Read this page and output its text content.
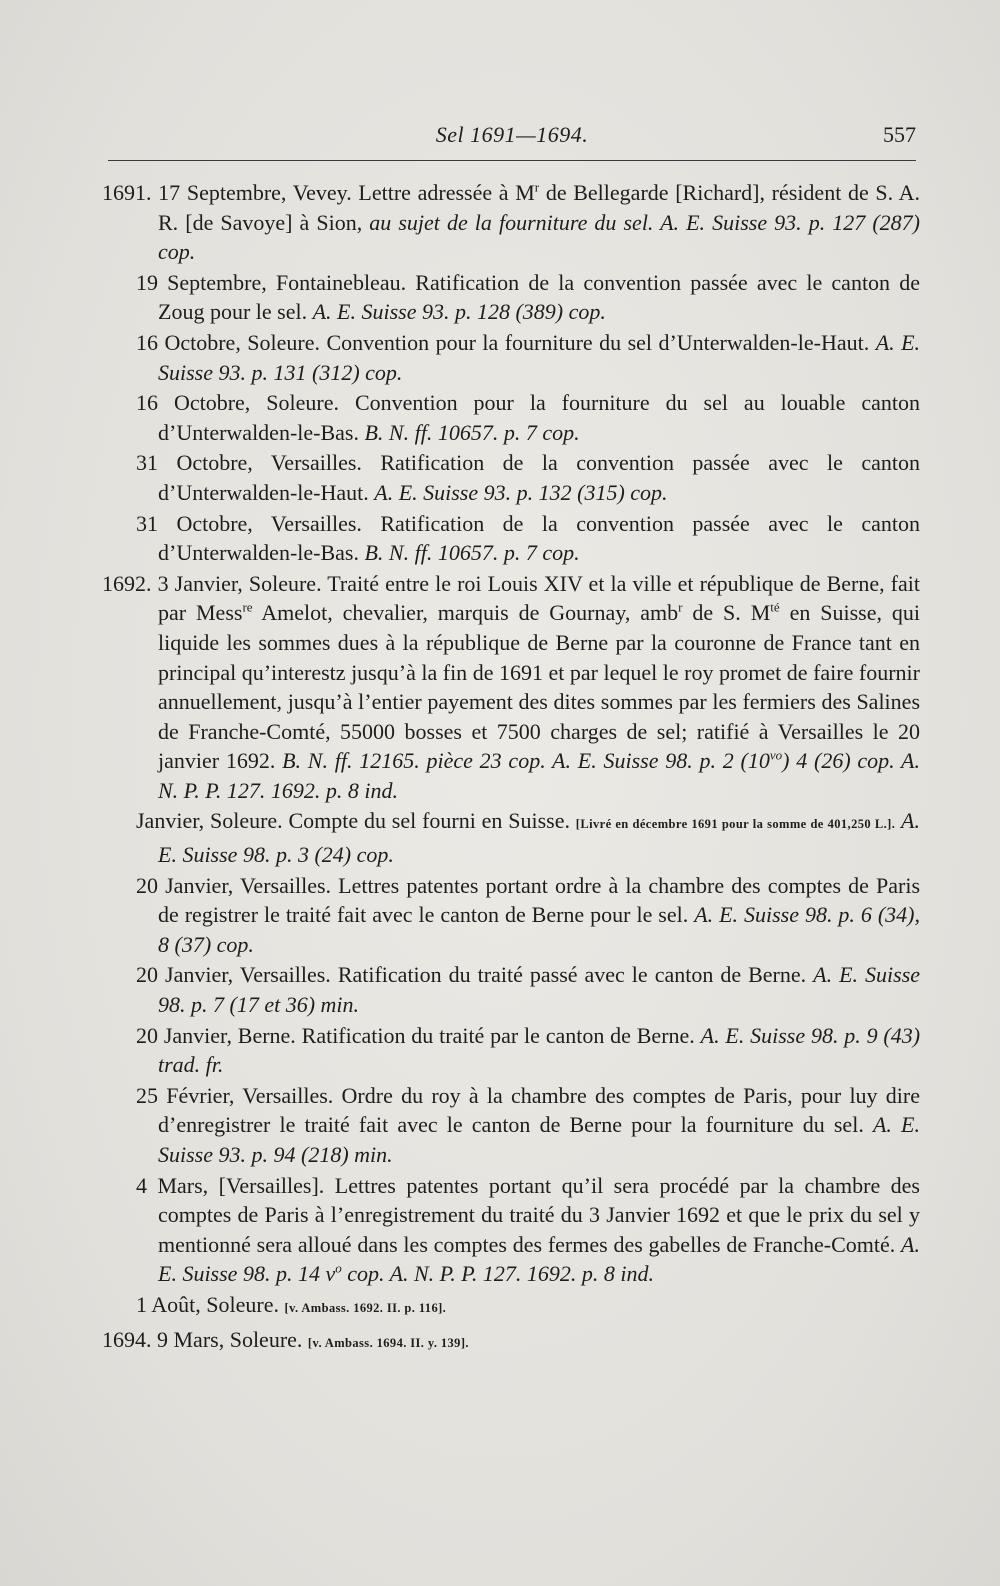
Sel 1691—1694.	557

1691. 17 Septembre, Vevey. Lettre adressée à $M^r$ de Bellegarde [Richard], résident de S. A. R. [de Savoye] à Sion, au sujet de la fourniture du sel. A. E. Suisse 93. p. 127 (287) cop.

19 Septembre, Fontainebleau. Ratification de la convention passée avec le canton de Zoug pour le sel. A. E. Suisse 93. p. 128 (389) cop.

16 Octobre, Soleure. Convention pour la fourniture du sel d’Unterwalden-le-Haut. A. E. Suisse 93. p. 131 (312) cop.

16 Octobre, Soleure. Convention pour la fourniture du sel au louable canton d’Unterwalden-le-Bas. B. N. ff. 10657. p. 7 cop.

31 Octobre, Versailles. Ratification de la convention passée avec le canton d’Unterwalden-le-Haut. A. E. Suisse 93. p. 132 (315) cop.

31 Octobre, Versailles. Ratification de la convention passée avec le canton d’Unterwalden-le-Bas. B. N. ff. 10657. p. 7 cop.

1692. 3 Janvier, Soleure. Traité entre le roi Louis XIV et la ville et république de Berne, fait par Mess$^{re}$ Amelot, chevalier, marquis de Gournay, amb$^r$ de S. $M^{té}$ en Suisse, qui liquide les sommes dues à la république de Berne par la couronne de France tant en principal qu’interestz jusqu’à la fin de 1691 et par lequel le roy promet de faire fournir annuellement, jusqu’à l’entier payement des dites sommes par les fermiers des Salines de Franche-Comté, 55000 bosses et 7500 charges de sel; ratifié à Versailles le 20 janvier 1692. B. N. ff. 12165. pièce 23 cop. A. E. Suisse 98. p. 2 (10$^{vo}$) 4 (26) cop. A. N. P. P. 127. 1692. p. 8 ind.

Janvier, Soleure. Compte du sel fourni en Suisse. [Livré en décembre 1691 pour la somme de 401,250 L.]. A. E. Suisse 98. p. 3 (24) cop.

20 Janvier, Versailles. Lettres patentes portant ordre à la chambre des comptes de Paris de registrer le traité fait avec le canton de Berne pour le sel. A. E. Suisse 98. p. 6 (34), 8 (37) cop.

20 Janvier, Versailles. Ratification du traité passé avec le canton de Berne. A. E. Suisse 98. p. 7 (17 et 36) min.

20 Janvier, Berne. Ratification du traité par le canton de Berne. A. E. Suisse 98. p. 9 (43) trad. fr.

25 Février, Versailles. Ordre du roy à la chambre des comptes de Paris, pour luy dire d’enregistrer le traité fait avec le canton de Berne pour la fourniture du sel. A. E. Suisse 93. p. 94 (218) min.

4 Mars, [Versailles]. Lettres patentes portant qu’il sera procédé par la chambre des comptes de Paris à l’enregistrement du traité du 3 Janvier 1692 et que le prix du sel y mentionné sera alloué dans les comptes des fermes des gabelles de Franche-Comté. A. E. Suisse 98. p. 14 v$^o$ cop. A. N. P. P. 127. 1692. p. 8 ind.

1 Août, Soleure. [v. Ambass. 1692. II. p. 116].

1694. 9 Mars, Soleure. [v. Ambass. 1694. II. y. 139].
